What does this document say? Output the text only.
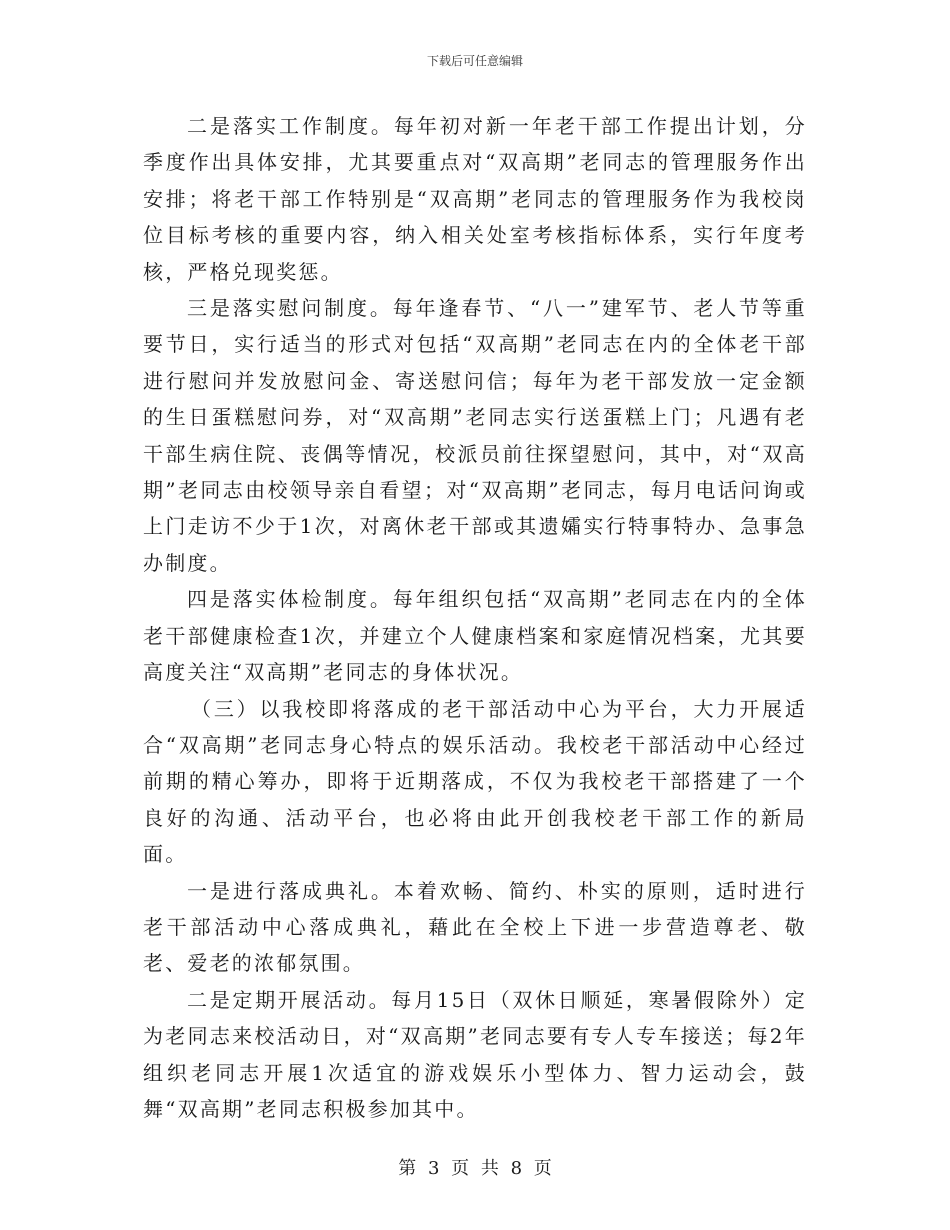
下载后可任意编辑

二是落实工作制度。每年初对新一年老干部工作提出计划，分季度作出具体安排，尤其要重点对“双高期”老同志的管理服务作出安排；将老干部工作特别是“双高期”老同志的管理服务作为我校岗位目标考核的重要内容，纳入相关处室考核指标体系，实行年度考核，严格兑现奖惩。

三是落实慰问制度。每年逢春节、“八一”建军节、老人节等重要节日，实行适当的形式对包括“双高期”老同志在内的全体老干部进行慰问并发放慰问金、寄送慰问信；每年为老干部发放一定金额的生日蛋糕慰问券，对“双高期”老同志实行送蛋糕上门；凡遇有老干部生病住院、丧偶等情况，校派员前往探望慰问，其中，对“双高期”老同志由校领导亲自看望；对“双高期”老同志，每月电话问询或上门走访不少于1次，对离休老干部或其遗孀实行特事特办、急事急办制度。

四是落实体检制度。每年组织包括“双高期”老同志在内的全体老干部健康检查1次，并建立个人健康档案和家庭情况档案，尤其要高度关注“双高期”老同志的身体状况。

（三）以我校即将落成的老干部活动中心为平台，大力开展适合“双高期”老同志身心特点的娱乐活动。我校老干部活动中心经过前期的精心筹办，即将于近期落成，不仅为我校老干部搭建了一个良好的沟通、活动平台，也必将由此开创我校老干部工作的新局面。

一是进行落成典礼。本着欢畅、简约、朴实的原则，适时进行老干部活动中心落成典礼，藉此在全校上下进一步营造尊老、敬老、爱老的浓郁氛围。

二是定期开展活动。每月15日（双休日顺延，寒暑假除外）定为老同志来校活动日，对“双高期”老同志要有专人专车接送；每2年组织老同志开展1次适宜的游戏娱乐小型体力、智力运动会，鼓舞“双高期”老同志积极参加其中。

第 3 页 共 8 页
